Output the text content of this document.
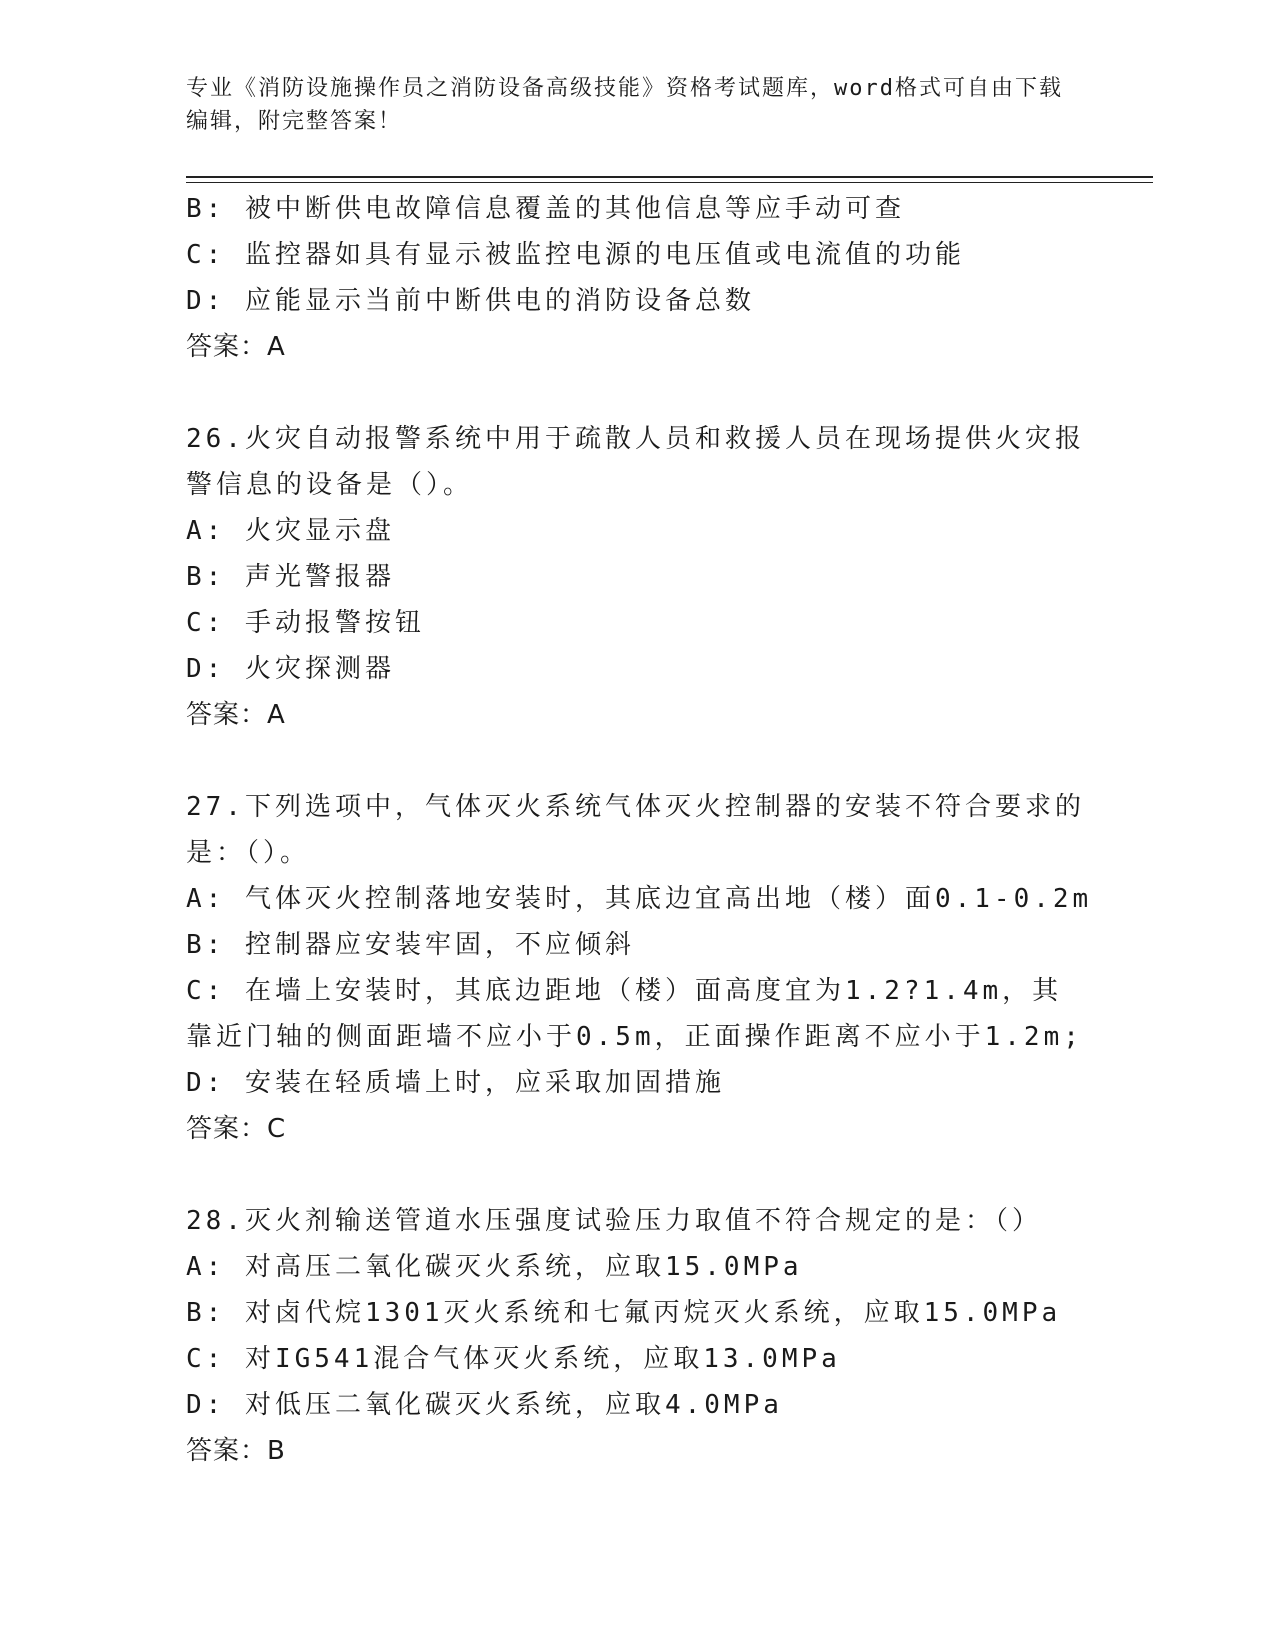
专业《消防设施操作员之消防设备高级技能》资格考试题库，word格式可自由下载编辑，附完整答案！
B: 被中断供电故障信息覆盖的其他信息等应手动可查
C: 监控器如具有显示被监控电源的电压值或电流值的功能
D: 应能显示当前中断供电的消防设备总数
答案：A
26.火灾自动报警系统中用于疏散人员和救援人员在现场提供火灾报警信息的设备是（）。
A: 火灾显示盘
B: 声光警报器
C: 手动报警按钮
D: 火灾探测器
答案：A
27.下列选项中，气体灭火系统气体灭火控制器的安装不符合要求的是：（）。
A: 气体灭火控制落地安装时，其底边宜高出地（楼）面0.1-0.2m
B: 控制器应安装牢固，不应倾斜
C: 在墙上安装时，其底边距地（楼）面高度宜为1.2?1.4m，其靠近门轴的侧面距墙不应小于0.5m，正面操作距离不应小于1.2m;
D: 安装在轻质墙上时，应采取加固措施
答案：C
28.灭火剂输送管道水压强度试验压力取值不符合规定的是：（）
A: 对高压二氧化碳灭火系统，应取15.0MPa
B: 对卤代烷1301灭火系统和七氟丙烷灭火系统，应取15.0MPa
C: 对IG541混合气体灭火系统，应取13.0MPa
D: 对低压二氧化碳灭火系统，应取4.0MPa
答案：B
